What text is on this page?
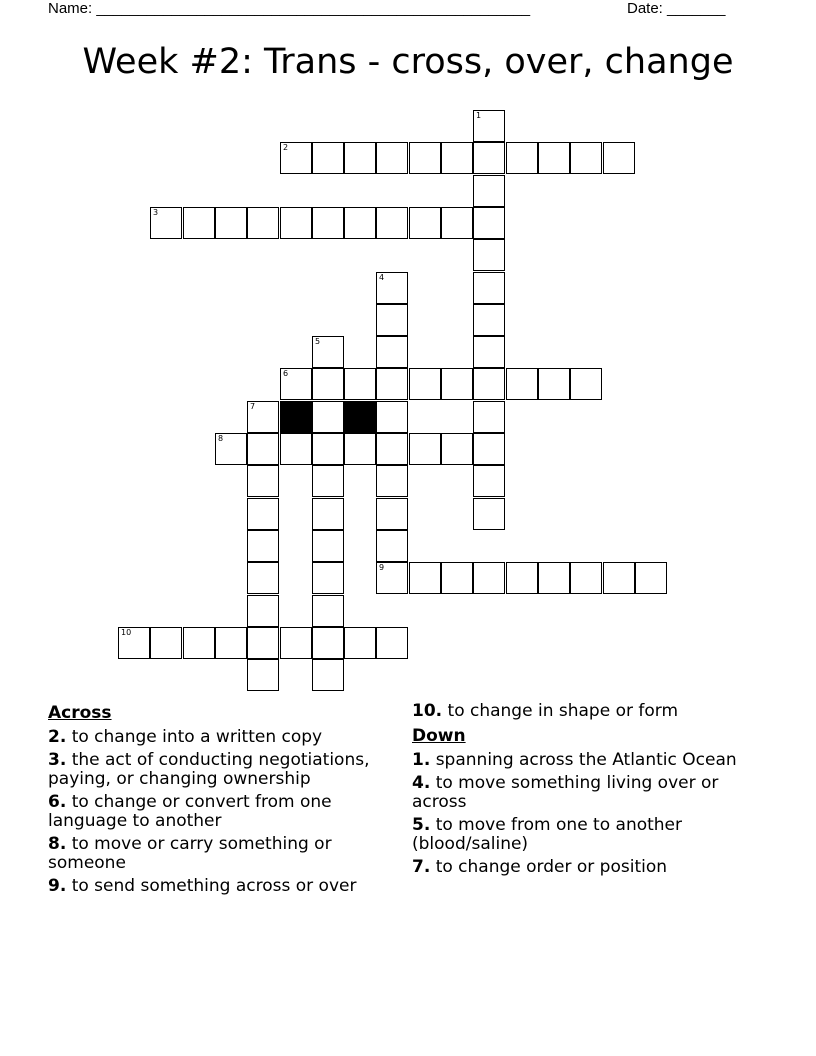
Name: ____________________________________________________	Date: _______
Week #2: Trans - cross, over, change
1
2
3
4
5
6
7
8
9
10
Across
2. to change into a written copy
3. the act of conducting negotiations, paying, or changing ownership
6. to change or convert from one language to another
8. to move or carry something or someone
9. to send something across or over
10. to change in shape or form
Down
1. spanning across the Atlantic Ocean
4. to move something living over or across
5. to move from one to another (blood/saline)
7. to change order or position
